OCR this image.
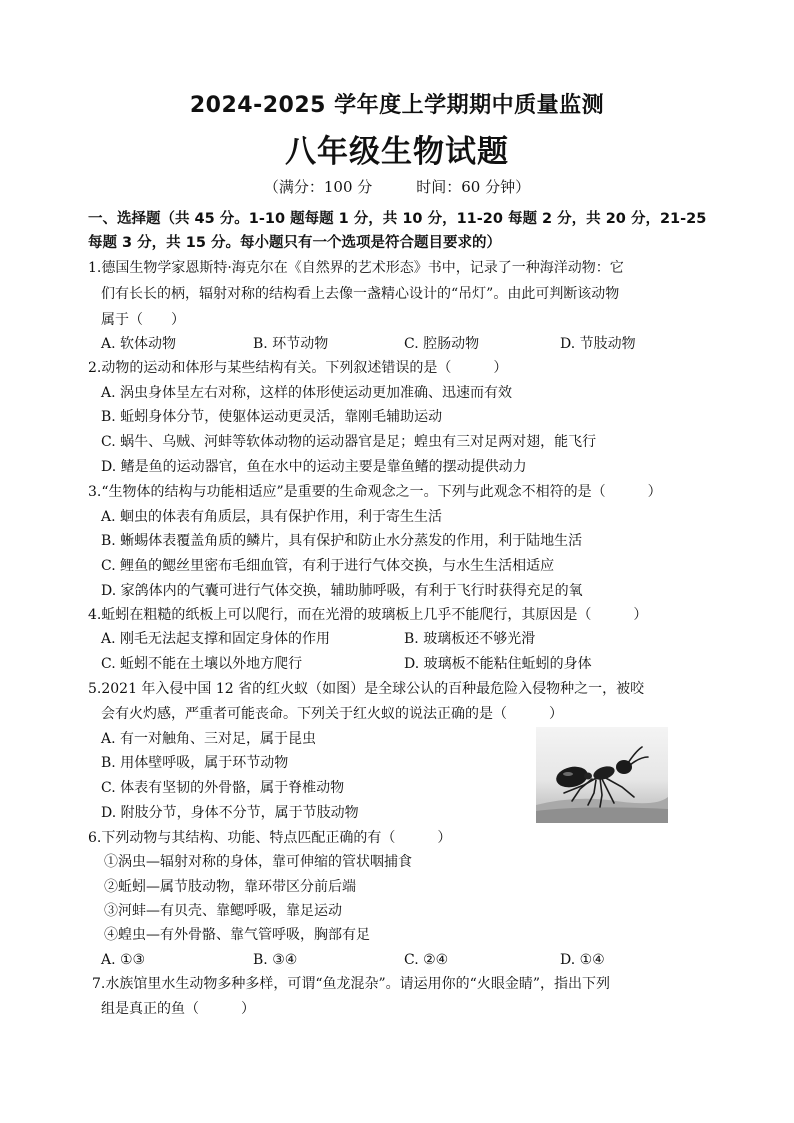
2024-2025 学年度上学期期中质量监测
八年级生物试题
（满分：100 分	时间：60 分钟）
一、选择题（共 45 分。1-10 题每题 1 分，共 10 分，11-20 每题 2 分，共 20 分，21-25
每题 3 分，共 15 分。每小题只有一个选项是符合题目要求的）
1.德国生物学家恩斯特·海克尔在《自然界的艺术形态》书中，记录了一种海洋动物：它
们有长长的柄，辐射对称的结构看上去像一盏精心设计的“吊灯”。由此可判断该动物
属于（　　）
A. 软体动物	B. 环节动物	C. 腔肠动物	D. 节肢动物
2.动物的运动和体形与某些结构有关。下列叙述错误的是（　　　）
A. 涡虫身体呈左右对称，这样的体形使运动更加准确、迅速而有效
B. 蚯蚓身体分节，使躯体运动更灵活，靠刚毛辅助运动
C. 蜗牛、乌贼、河蚌等软体动物的运动器官是足；蝗虫有三对足两对翅，能飞行
D. 鳍是鱼的运动器官，鱼在水中的运动主要是靠鱼鳍的摆动提供动力
3.“生物体的结构与功能相适应”是重要的生命观念之一。下列与此观念不相符的是（　　　）
A. 蛔虫的体表有角质层，具有保护作用，利于寄生生活
B. 蜥蜴体表覆盖角质的鳞片，具有保护和防止水分蒸发的作用，利于陆地生活
C. 鲤鱼的鳃丝里密布毛细血管，有利于进行气体交换，与水生生活相适应
D. 家鸽体内的气囊可进行气体交换，辅助肺呼吸，有利于飞行时获得充足的氧
4.蚯蚓在粗糙的纸板上可以爬行，而在光滑的玻璃板上几乎不能爬行，其原因是（　　　）
A. 刚毛无法起支撑和固定身体的作用	B. 玻璃板还不够光滑
C. 蚯蚓不能在土壤以外地方爬行	D. 玻璃板不能粘住蚯蚓的身体
5.2021 年入侵中国 12 省的红火蚁（如图）是全球公认的百种最危险入侵物种之一，被咬
会有火灼感，严重者可能丧命。下列关于红火蚁的说法正确的是（　　　）
A. 有一对触角、三对足，属于昆虫
B. 用体壁呼吸，属于环节动物
C. 体表有坚韧的外骨骼，属于脊椎动物
D. 附肢分节，身体不分节，属于节肢动物
6.下列动物与其结构、功能、特点匹配正确的有（　　　）
①涡虫—辐射对称的身体，靠可伸缩的管状咽捕食
②蚯蚓—属节肢动物，靠环带区分前后端
③河蚌—有贝壳、靠鳃呼吸，靠足运动
④蝗虫—有外骨骼、靠气管呼吸，胸部有足
A. ①③	B. ③④	C. ②④	D. ①④
7.水族馆里水生动物多种多样，可谓“鱼龙混杂”。请运用你的“火眼金睛”，指出下列
组是真正的鱼（　　　）
